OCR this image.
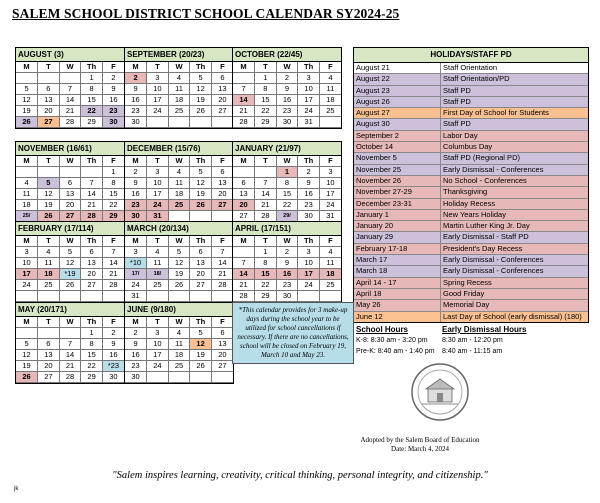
SALEM SCHOOL DISTRICT SCHOOL CALENDAR SY2024-25
AUGUST (3)
M	T	W	Th	F
			1	2
5	6	7	8	9
12	13	14	15	16
19	20	21	22	23
26	27	28	29	30
SEPTEMBER (20/23)
M	T	W	Th	F
2	3	4	5	6
9	10	11	12	13
16	17	18	19	20
23	24	25	26	27
30				
OCTOBER (22/45)
M	T	W	Th	F
	1	2	3	4
7	8	9	10	11
14	15	16	17	18
21	22	23	24	25
28	29	30	31	
NOVEMBER (16/61)
M	T	W	Th	F
				1
4	5	6	7	8
11	12	13	14	15
18	19	20	21	22
25/	26	27	28	29
DECEMBER (15/76)
M	T	W	Th	F
2	3	4	5	6
9	10	11	12	13
16	17	18	19	20
23	24	25	26	27
30	31			
JANUARY (21/97)
M	T	W	Th	F
		1	2	3
6	7	8	9	10
13	14	15	16	17
20	21	22	23	24
27	28	29/	30	31
FEBRUARY (17/114)
M	T	W	Th	F
3	4	5	6	7
10	11	12	13	14
17	18	*19	20	21
24	25	26	27	28

MARCH (20/134)
M	T	W	Th	F
3	4	5	6	7
*10	11	12	13	14
17/	18/	19	20	21
24	25	26	27	28
31				
APRIL (17/151)
M	T	W	Th	F
	1	2	3	4
7	8	9	10	11
14	15	16	17	18
21	22	23	24	25
28	29	30		
MAY (20/171)
M	T	W	Th	F
			1	2
5	6	7	8	9
12	13	14	15	16
19	20	21	22	*23
26	27	28	29	30
JUNE (9/180)
M	T	W	Th	F
2	3	4	5	6
9	10	11	12	13
16	17	18	19	20
23	24	25	26	27
30				
HOLIDAYS/STAFF PD
August 21	Staff Orientation
August 22	Staff Orientation/PD
August 23	Staff PD
August 26	Staff PD
August 27	First Day of School for Students
August 30	Staff PD
September 2	Labor Day
October 14	Columbus Day
November 5	Staff PD (Regional PD)
November 25	Early Dismissal - Conferences
November 26	No School - Conferences
November 27-29	Thanksgiving
December 23-31	Holiday Recess
January 1	New Years Holiday
January 20	Martin Luther King Jr. Day
January 29	Early Dismissal - Staff PD
February 17-18	President's Day Recess
March 17	Early Dismissal - Conferences
March 18	Early Dismissal - Conferences
April 14 - 17	Spring Recess
April 18	Good Friday
May 26	Memorial Day
June 12	Last Day of School (early dismissal) (180)
*This calendar provides for 3 make-up days during the school year to be utilized for school cancellations if necessary. If there are no cancellations, school will be closed on February 19, March 10 and May 23.
School Hours
K-8: 8:30 am - 3:20 pm
Pre-K: 8:40 am - 1:40 pm
Early Dismissal Hours
8:30 am - 12:20 pm
8:40 am - 11:15 am
Adopted by the Salem Board of Education
Date: March 4, 2024
"Salem inspires learning, creativity, critical thinking, personal integrity, and citizenship."
jk
